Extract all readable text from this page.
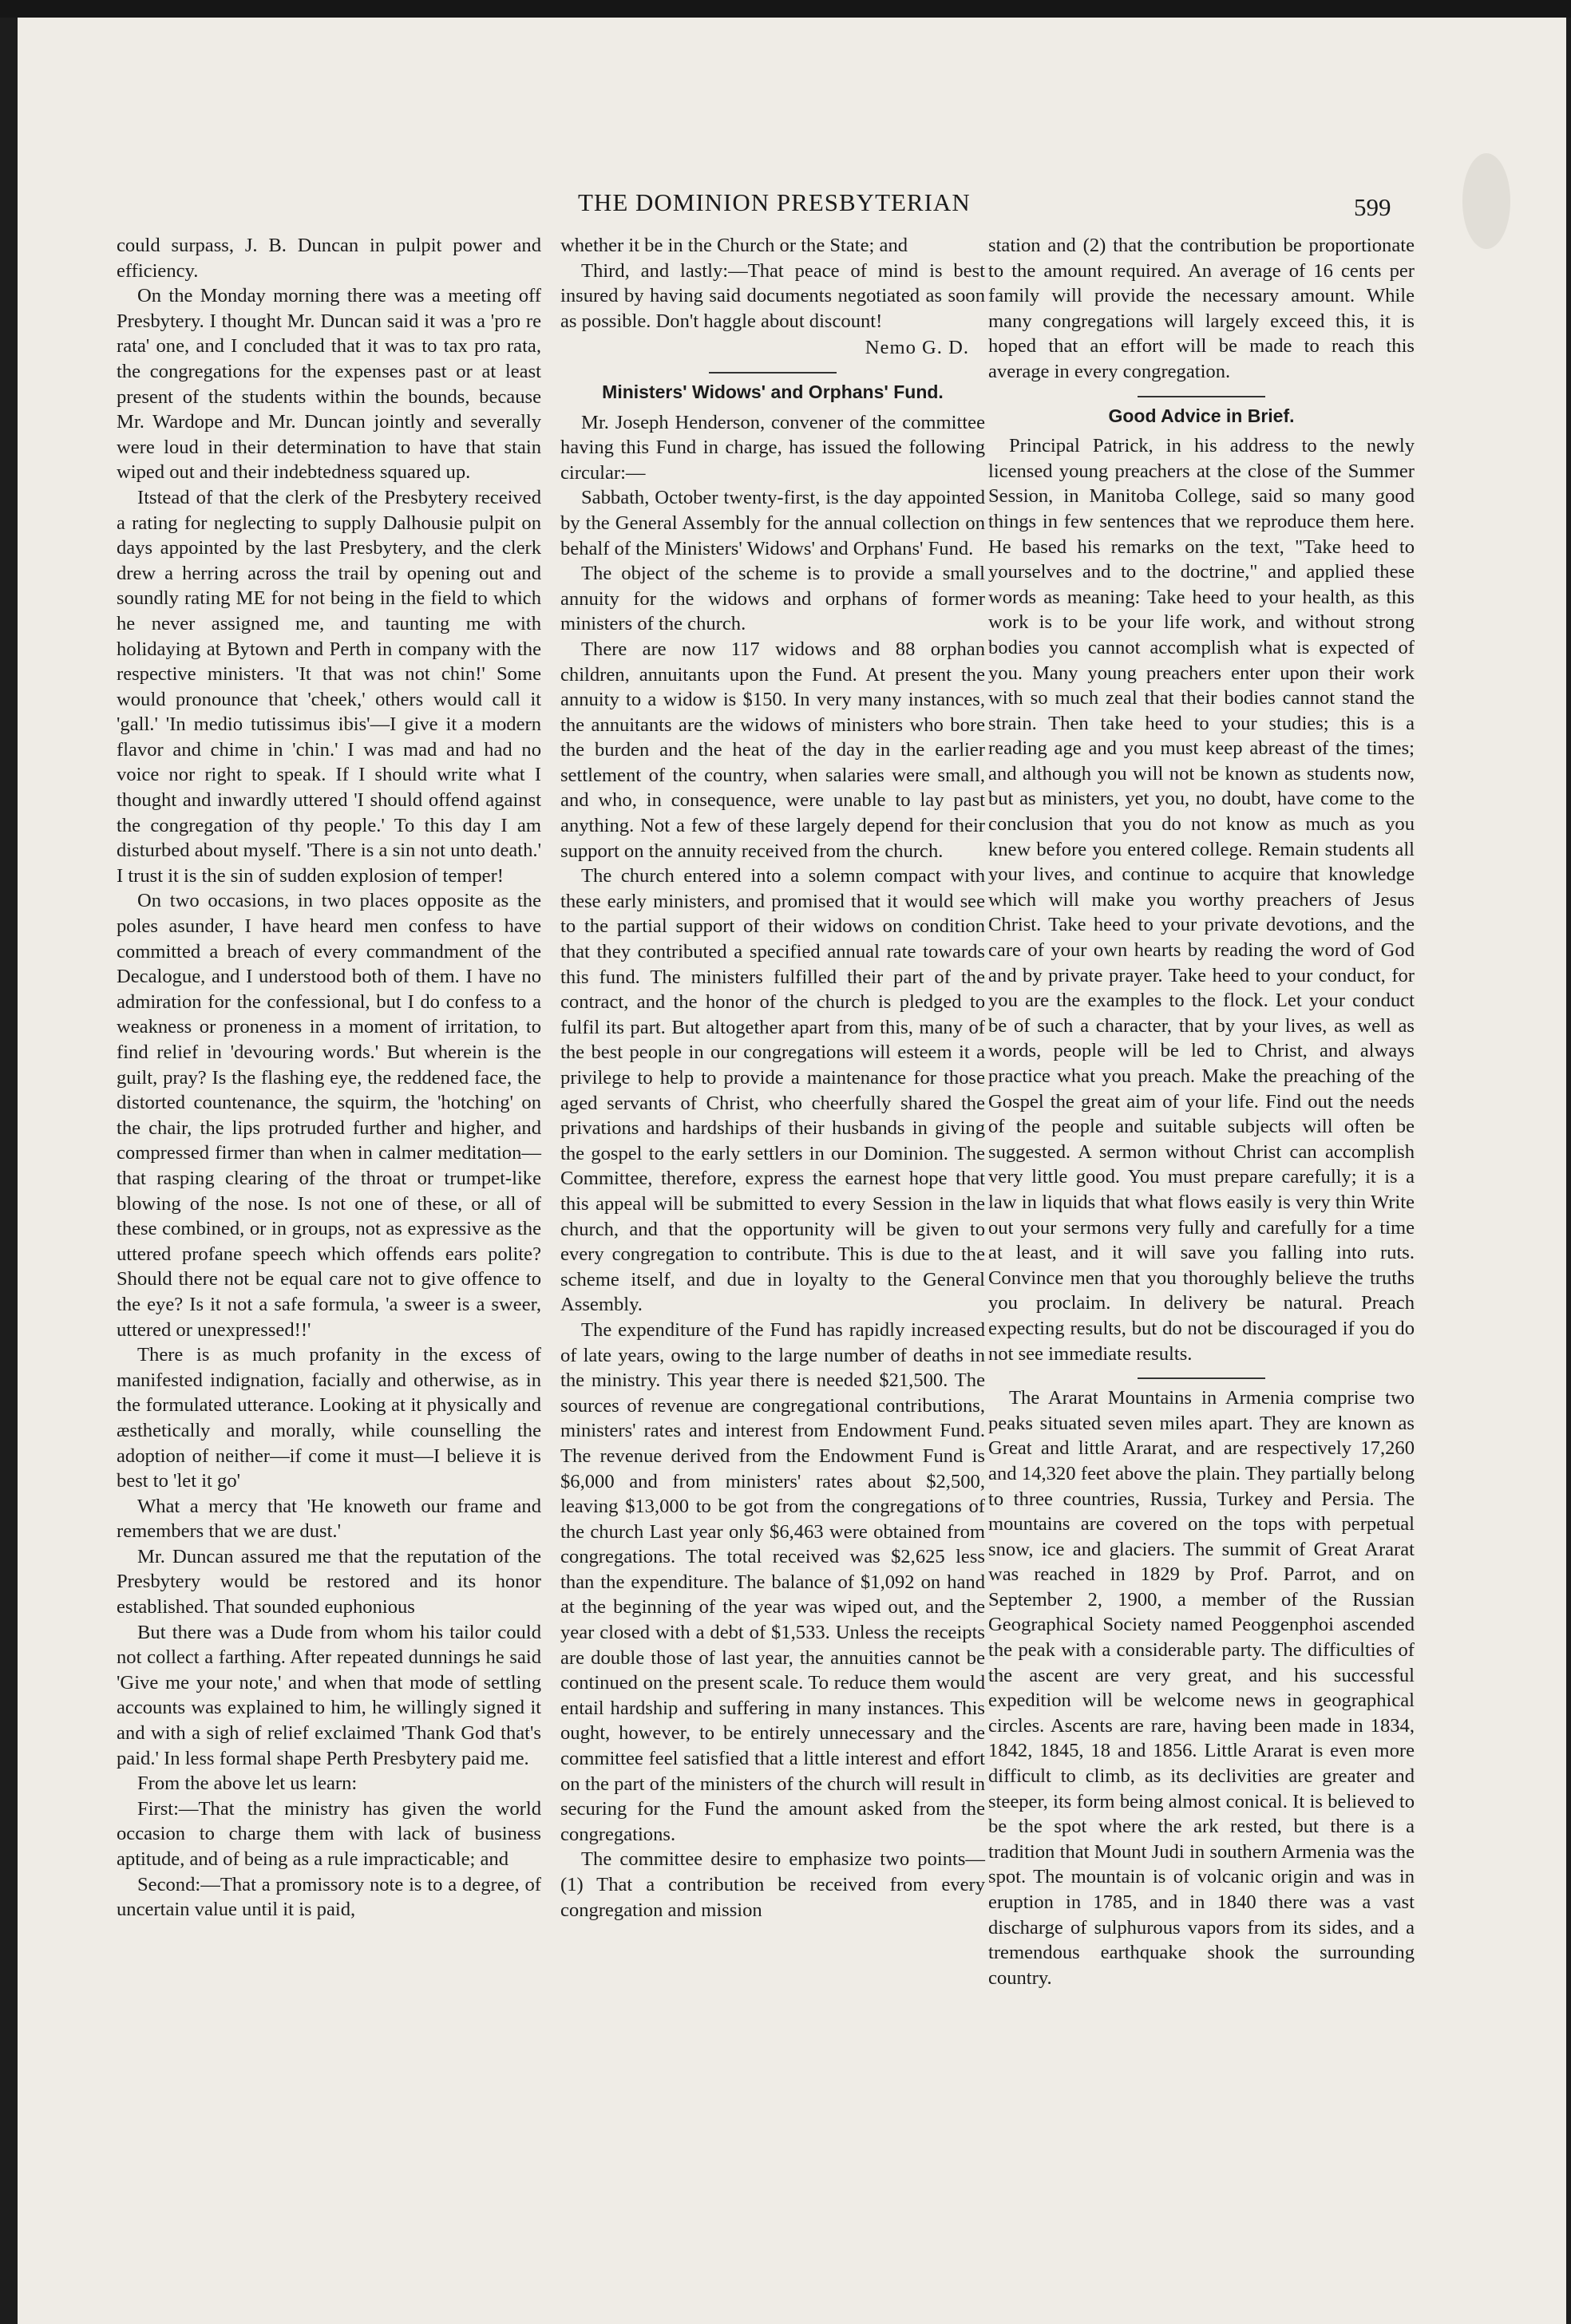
THE DOMINION PRESBYTERIAN	599

could surpass, J. B. Duncan in pulpit power and efficiency.

On the Monday morning there was a meeting off Presbytery. I thought Mr. Duncan said it was a 'pro re rata' one, and I concluded that it was to tax pro rata, the congregations for the expenses past or at least present of the students within the bounds, because Mr. Wardope and Mr. Duncan jointly and severally were loud in their determination to have that stain wiped out and their indebtedness squared up.

Itstead of that the clerk of the Presbytery received a rating for neglecting to supply Dalhousie pulpit on days appointed by the last Presbytery, and the clerk drew a herring across the trail by opening out and soundly rating ME for not being in the field to which he never assigned me, and taunting me with holidaying at Bytown and Perth in company with the respective ministers. 'It that was not chin!' Some would pronounce that 'cheek,' others would call it 'gall.' 'In medio tutissimus ibis'—I give it a modern flavor and chime in 'chin.' I was mad and had no voice nor right to speak. If I should write what I thought and inwardly uttered 'I should offend against the congregation of thy people.' To this day I am disturbed about myself. 'There is a sin not unto death.' I trust it is the sin of sudden explosion of temper!

On two occasions, in two places opposite as the poles asunder, I have heard men confess to have committed a breach of every commandment of the Decalogue, and I understood both of them. I have no admiration for the confessional, but I do confess to a weakness or proneness in a moment of irritation, to find relief in 'devouring words.' But wherein is the guilt, pray? Is the flashing eye, the reddened face, the distorted countenance, the squirm, the 'hotching' on the chair, the lips protruded further and higher, and compressed firmer than when in calmer meditation—that rasping clearing of the throat or trumpet-like blowing of the nose. Is not one of these, or all of these combined, or in groups, not as expressive as the uttered profane speech which offends ears polite? Should there not be equal care not to give offence to the eye? Is it not a safe formula, 'a sweer is a sweer, uttered or unexpressed!!'

There is as much profanity in the excess of manifested indignation, facially and otherwise, as in the formulated utterance. Looking at it physically and æsthetically and morally, while counselling the adoption of neither—if come it must—I believe it is best to 'let it go'

What a mercy that 'He knoweth our frame and remembers that we are dust.'

Mr. Duncan assured me that the reputation of the Presbytery would be restored and its honor established. That sounded euphonious

But there was a Dude from whom his tailor could not collect a farthing. After repeated dunnings he said 'Give me your note,' and when that mode of settling accounts was explained to him, he willingly signed it and with a sigh of relief exclaimed 'Thank God that's paid.' In less formal shape Perth Presbytery paid me.

From the above let us learn:

First:—That the ministry has given the world occasion to charge them with lack of business aptitude, and of being as a rule impracticable; and

Second:—That a promissory note is to a degree, of uncertain value until it is paid,

whether it be in the Church or the State; and

Third, and lastly:—That peace of mind is best insured by having said documents negotiated as soon as possible. Don't haggle about discount!

Nemo G. D.

Ministers' Widows' and Orphans' Fund.

Mr. Joseph Henderson, convener of the committee having this Fund in charge, has issued the following circular:—

Sabbath, October twenty-first, is the day appointed by the General Assembly for the annual collection on behalf of the Ministers' Widows' and Orphans' Fund.

The object of the scheme is to provide a small annuity for the widows and orphans of former ministers of the church.

There are now 117 widows and 88 orphan children, annuitants upon the Fund. At present the annuity to a widow is $150. In very many instances, the annuitants are the widows of ministers who bore the burden and the heat of the day in the earlier settlement of the country, when salaries were small, and who, in consequence, were unable to lay past anything. Not a few of these largely depend for their support on the annuity received from the church.

The church entered into a solemn compact with these early ministers, and promised that it would see to the partial support of their widows on condition that they contributed a specified annual rate towards this fund. The ministers fulfilled their part of the contract, and the honor of the church is pledged to fulfil its part. But altogether apart from this, many of the best people in our congregations will esteem it a privilege to help to provide a maintenance for those aged servants of Christ, who cheerfully shared the privations and hardships of their husbands in giving the gospel to the early settlers in our Dominion. The Committee, therefore, express the earnest hope that this appeal will be submitted to every Session in the church, and that the opportunity will be given to every congregation to contribute. This is due to the scheme itself, and due in loyalty to the General Assembly.

The expenditure of the Fund has rapidly increased of late years, owing to the large number of deaths in the ministry. This year there is needed $21,500. The sources of revenue are congregational contributions, ministers' rates and interest from Endowment Fund. The revenue derived from the Endowment Fund is $6,000 and from ministers' rates about $2,500, leaving $13,000 to be got from the congregations of the church Last year only $6,463 were obtained from congregations. The total received was $2,625 less than the expenditure. The balance of $1,092 on hand at the beginning of the year was wiped out, and the year closed with a debt of $1,533. Unless the receipts are double those of last year, the annuities cannot be continued on the present scale. To reduce them would entail hardship and suffering in many instances. This ought, however, to be entirely unnecessary and the committee feel satisfied that a little interest and effort on the part of the ministers of the church will result in securing for the Fund the amount asked from the congregations.

The committee desire to emphasize two points—(1) That a contribution be received from every congregation and mission

station and (2) that the contribution be proportionate to the amount required. An average of 16 cents per family will provide the necessary amount. While many congregations will largely exceed this, it is hoped that an effort will be made to reach this average in every congregation.

Good Advice in Brief.

Principal Patrick, in his address to the newly licensed young preachers at the close of the Summer Session, in Manitoba College, said so many good things in few sentences that we reproduce them here. He based his remarks on the text, "Take heed to yourselves and to the doctrine," and applied these words as meaning: Take heed to your health, as this work is to be your life work, and without strong bodies you cannot accomplish what is expected of you. Many young preachers enter upon their work with so much zeal that their bodies cannot stand the strain. Then take heed to your studies; this is a reading age and you must keep abreast of the times; and although you will not be known as students now, but as ministers, yet you, no doubt, have come to the conclusion that you do not know as much as you knew before you entered college. Remain students all your lives, and continue to acquire that knowledge which will make you worthy preachers of Jesus Christ. Take heed to your private devotions, and the care of your own hearts by reading the word of God and by private prayer. Take heed to your conduct, for you are the examples to the flock. Let your conduct be of such a character, that by your lives, as well as words, people will be led to Christ, and always practice what you preach. Make the preaching of the Gospel the great aim of your life. Find out the needs of the people and suitable subjects will often be suggested. A sermon without Christ can accomplish very little good. You must prepare carefully; it is a law in liquids that what flows easily is very thin Write out your sermons very fully and carefully for a time at least, and it will save you falling into ruts. Convince men that you thoroughly believe the truths you proclaim. In delivery be natural. Preach expecting results, but do not be discouraged if you do not see immediate results.

The Ararat Mountains in Armenia comprise two peaks situated seven miles apart. They are known as Great and little Ararat, and are respectively 17,260 and 14,320 feet above the plain. They partially belong to three countries, Russia, Turkey and Persia. The mountains are covered on the tops with perpetual snow, ice and glaciers. The summit of Great Ararat was reached in 1829 by Prof. Parrot, and on September 2, 1900, a member of the Russian Geographical Society named Peoggenphoi ascended the peak with a considerable party. The difficulties of the ascent are very great, and his successful expedition will be welcome news in geographical circles. Ascents are rare, having been made in 1834, 1842, 1845, 18 and 1856. Little Ararat is even more difficult to climb, as its declivities are greater and steeper, its form being almost conical. It is believed to be the spot where the ark rested, but there is a tradition that Mount Judi in southern Armenia was the spot. The mountain is of volcanic origin and was in eruption in 1785, and in 1840 there was a vast discharge of sulphurous vapors from its sides, and a tremendous earthquake shook the surrounding country.
